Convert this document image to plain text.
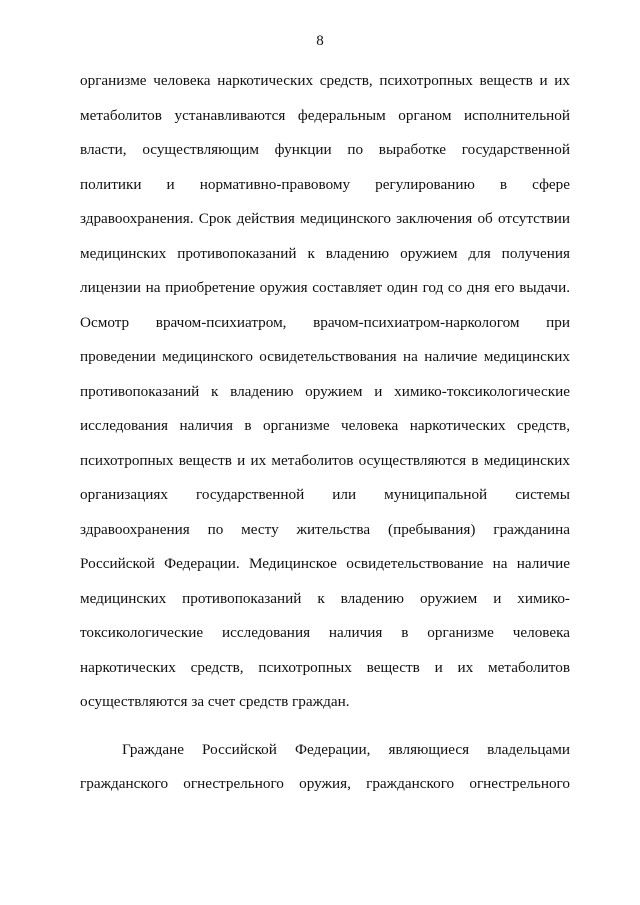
8

организме человека наркотических средств, психотропных веществ и их
метаболитов устанавливаются федеральным органом исполнительной
власти, осуществляющим функции по выработке государственной
политики и нормативно-правовому регулированию в сфере
здравоохранения. Срок действия медицинского заключения об отсутствии
медицинских противопоказаний к владению оружием для получения
лицензии на приобретение оружия составляет один год со дня его выдачи.
Осмотр врачом-психиатром, врачом-психиатром-наркологом при
проведении медицинского освидетельствования на наличие медицинских
противопоказаний к владению оружием и химико-токсикологические
исследования наличия в организме человека наркотических средств,
психотропных веществ и их метаболитов осуществляются в медицинских
организациях государственной или муниципальной системы
здравоохранения по месту жительства (пребывания) гражданина
Российской Федерации. Медицинское освидетельствование на наличие
медицинских противопоказаний к владению оружием и химико-
токсикологические исследования наличия в организме человека
наркотических средств, психотропных веществ и их метаболитов
осуществляются за счет средств граждан.

Граждане Российской Федерации, являющиеся владельцами
гражданского огнестрельного оружия, гражданского огнестрельного
